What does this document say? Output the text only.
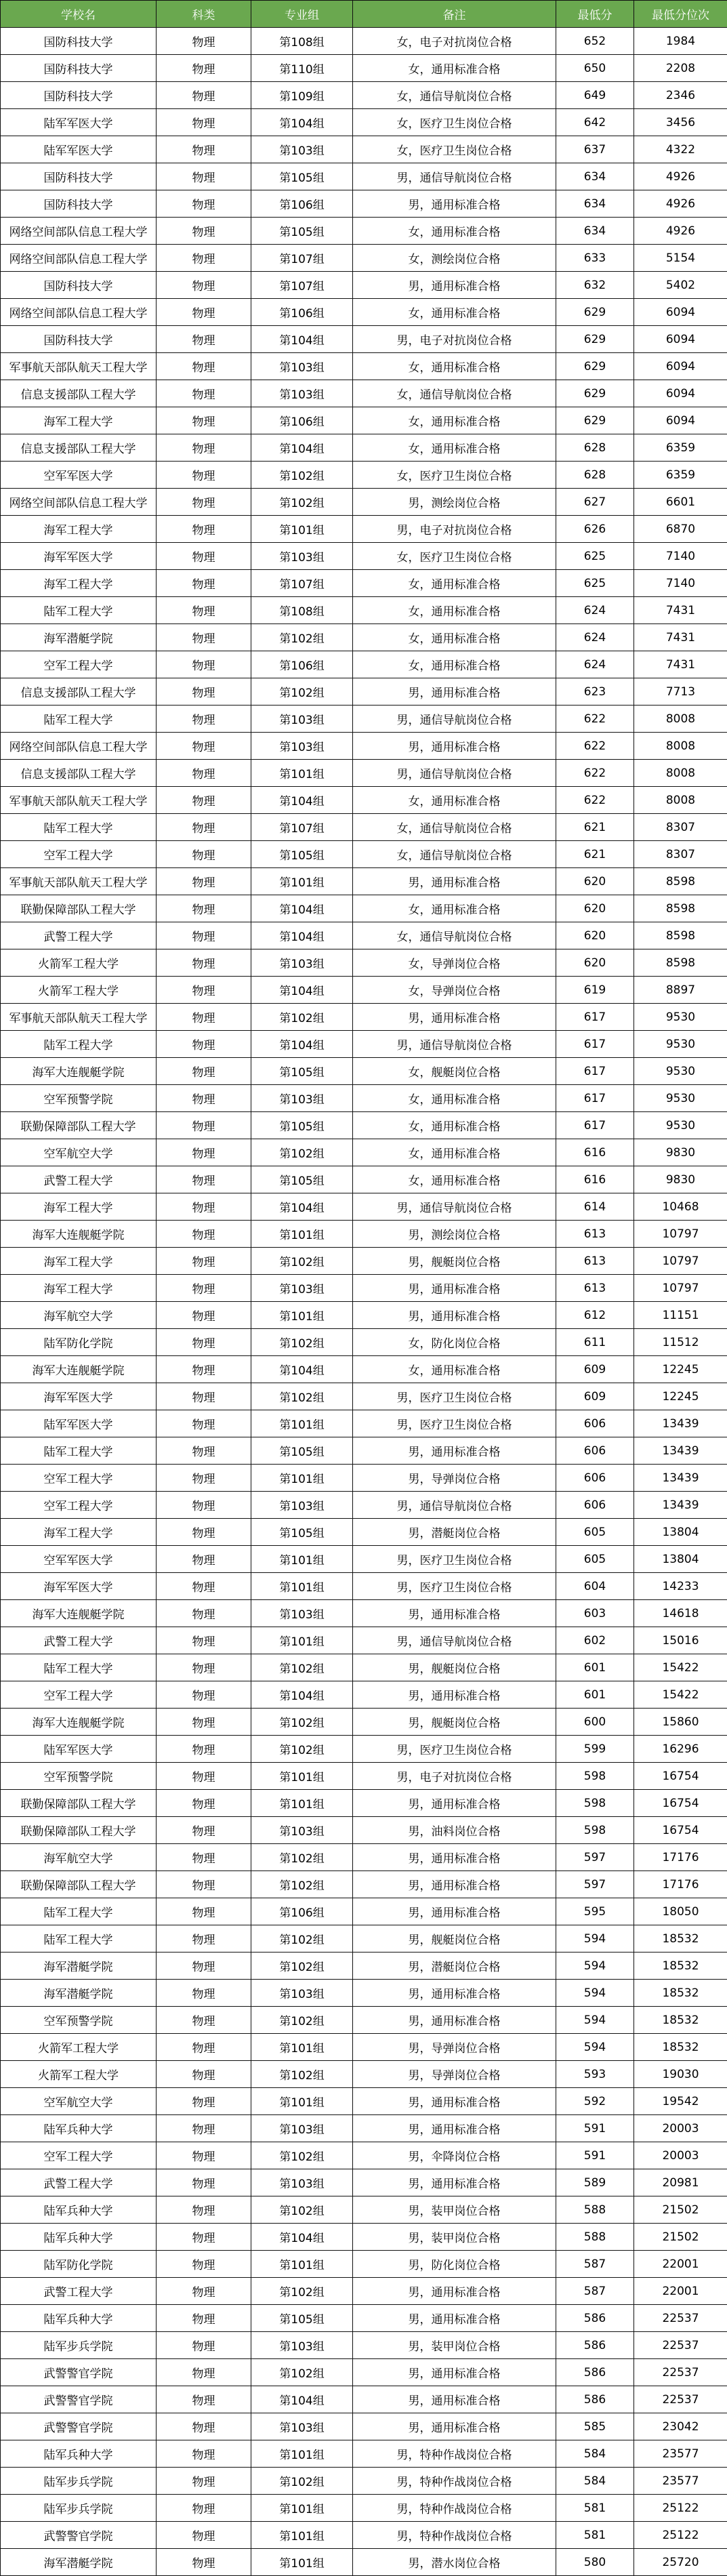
学校名	科类	专业组	备注	最低分	最低分位次
国防科技大学	物理	第108组	女，电子对抗岗位合格	652	1984
国防科技大学	物理	第110组	女，通用标准合格	650	2208
国防科技大学	物理	第109组	女，通信导航岗位合格	649	2346
陆军军医大学	物理	第104组	女，医疗卫生岗位合格	642	3456
陆军军医大学	物理	第103组	女，医疗卫生岗位合格	637	4322
国防科技大学	物理	第105组	男，通信导航岗位合格	634	4926
国防科技大学	物理	第106组	男，通用标准合格	634	4926
网络空间部队信息工程大学	物理	第105组	女，通用标准合格	634	4926
网络空间部队信息工程大学	物理	第107组	女，测绘岗位合格	633	5154
国防科技大学	物理	第107组	男，通用标准合格	632	5402
网络空间部队信息工程大学	物理	第106组	女，通用标准合格	629	6094
国防科技大学	物理	第104组	男，电子对抗岗位合格	629	6094
军事航天部队航天工程大学	物理	第103组	女，通用标准合格	629	6094
信息支援部队工程大学	物理	第103组	女，通信导航岗位合格	629	6094
海军工程大学	物理	第106组	女，通用标准合格	629	6094
信息支援部队工程大学	物理	第104组	女，通用标准合格	628	6359
空军军医大学	物理	第102组	女，医疗卫生岗位合格	628	6359
网络空间部队信息工程大学	物理	第102组	男，测绘岗位合格	627	6601
海军工程大学	物理	第101组	男，电子对抗岗位合格	626	6870
海军军医大学	物理	第103组	女，医疗卫生岗位合格	625	7140
海军工程大学	物理	第107组	女，通用标准合格	625	7140
陆军工程大学	物理	第108组	女，通用标准合格	624	7431
海军潜艇学院	物理	第102组	女，通用标准合格	624	7431
空军工程大学	物理	第106组	女，通用标准合格	624	7431
信息支援部队工程大学	物理	第102组	男，通用标准合格	623	7713
陆军工程大学	物理	第103组	男，通信导航岗位合格	622	8008
网络空间部队信息工程大学	物理	第103组	男，通用标准合格	622	8008
信息支援部队工程大学	物理	第101组	男，通信导航岗位合格	622	8008
军事航天部队航天工程大学	物理	第104组	女，通用标准合格	622	8008
陆军工程大学	物理	第107组	女，通信导航岗位合格	621	8307
空军工程大学	物理	第105组	女，通信导航岗位合格	621	8307
军事航天部队航天工程大学	物理	第101组	男，通用标准合格	620	8598
联勤保障部队工程大学	物理	第104组	女，通用标准合格	620	8598
武警工程大学	物理	第104组	女，通信导航岗位合格	620	8598
火箭军工程大学	物理	第103组	女，导弹岗位合格	620	8598
火箭军工程大学	物理	第104组	女，导弹岗位合格	619	8897
军事航天部队航天工程大学	物理	第102组	男，通用标准合格	617	9530
陆军工程大学	物理	第104组	男，通信导航岗位合格	617	9530
海军大连舰艇学院	物理	第105组	女，舰艇岗位合格	617	9530
空军预警学院	物理	第103组	女，通用标准合格	617	9530
联勤保障部队工程大学	物理	第105组	女，通用标准合格	617	9530
空军航空大学	物理	第102组	女，通用标准合格	616	9830
武警工程大学	物理	第105组	女，通用标准合格	616	9830
海军工程大学	物理	第104组	男，通信导航岗位合格	614	10468
海军大连舰艇学院	物理	第101组	男，测绘岗位合格	613	10797
海军工程大学	物理	第102组	男，舰艇岗位合格	613	10797
海军工程大学	物理	第103组	男，通用标准合格	613	10797
海军航空大学	物理	第101组	男，通用标准合格	612	11151
陆军防化学院	物理	第102组	女，防化岗位合格	611	11512
海军大连舰艇学院	物理	第104组	女，通用标准合格	609	12245
海军军医大学	物理	第102组	男，医疗卫生岗位合格	609	12245
陆军军医大学	物理	第101组	男，医疗卫生岗位合格	606	13439
陆军工程大学	物理	第105组	男，通用标准合格	606	13439
空军工程大学	物理	第101组	男，导弹岗位合格	606	13439
空军工程大学	物理	第103组	男，通信导航岗位合格	606	13439
海军工程大学	物理	第105组	男，潜艇岗位合格	605	13804
空军军医大学	物理	第101组	男，医疗卫生岗位合格	605	13804
海军军医大学	物理	第101组	男，医疗卫生岗位合格	604	14233
海军大连舰艇学院	物理	第103组	男，通用标准合格	603	14618
武警工程大学	物理	第101组	男，通信导航岗位合格	602	15016
陆军工程大学	物理	第102组	男，舰艇岗位合格	601	15422
空军工程大学	物理	第104组	男，通用标准合格	601	15422
海军大连舰艇学院	物理	第102组	男，舰艇岗位合格	600	15860
陆军军医大学	物理	第102组	男，医疗卫生岗位合格	599	16296
空军预警学院	物理	第101组	男，电子对抗岗位合格	598	16754
联勤保障部队工程大学	物理	第101组	男，通用标准合格	598	16754
联勤保障部队工程大学	物理	第103组	男，油料岗位合格	598	16754
海军航空大学	物理	第102组	男，通用标准合格	597	17176
联勤保障部队工程大学	物理	第102组	男，通用标准合格	597	17176
陆军工程大学	物理	第106组	男，通用标准合格	595	18050
陆军工程大学	物理	第102组	男，舰艇岗位合格	594	18532
海军潜艇学院	物理	第102组	男，潜艇岗位合格	594	18532
海军潜艇学院	物理	第103组	男，通用标准合格	594	18532
空军预警学院	物理	第102组	男，通用标准合格	594	18532
火箭军工程大学	物理	第101组	男，导弹岗位合格	594	18532
火箭军工程大学	物理	第102组	男，导弹岗位合格	593	19030
空军航空大学	物理	第101组	男，通用标准合格	592	19542
陆军兵种大学	物理	第103组	男，通用标准合格	591	20003
空军工程大学	物理	第102组	男，伞降岗位合格	591	20003
武警工程大学	物理	第103组	男，通用标准合格	589	20981
陆军兵种大学	物理	第102组	男，装甲岗位合格	588	21502
陆军兵种大学	物理	第104组	男，装甲岗位合格	588	21502
陆军防化学院	物理	第101组	男，防化岗位合格	587	22001
武警工程大学	物理	第102组	男，通用标准合格	587	22001
陆军兵种大学	物理	第105组	男，通用标准合格	586	22537
陆军步兵学院	物理	第103组	男，装甲岗位合格	586	22537
武警警官学院	物理	第102组	男，通用标准合格	586	22537
武警警官学院	物理	第104组	男，通用标准合格	586	22537
武警警官学院	物理	第103组	男，通用标准合格	585	23042
陆军兵种大学	物理	第101组	男，特种作战岗位合格	584	23577
陆军步兵学院	物理	第102组	男，特种作战岗位合格	584	23577
陆军步兵学院	物理	第101组	男，特种作战岗位合格	581	25122
武警警官学院	物理	第101组	男，特种作战岗位合格	581	25122
海军潜艇学院	物理	第101组	男，潜水岗位合格	580	25720
